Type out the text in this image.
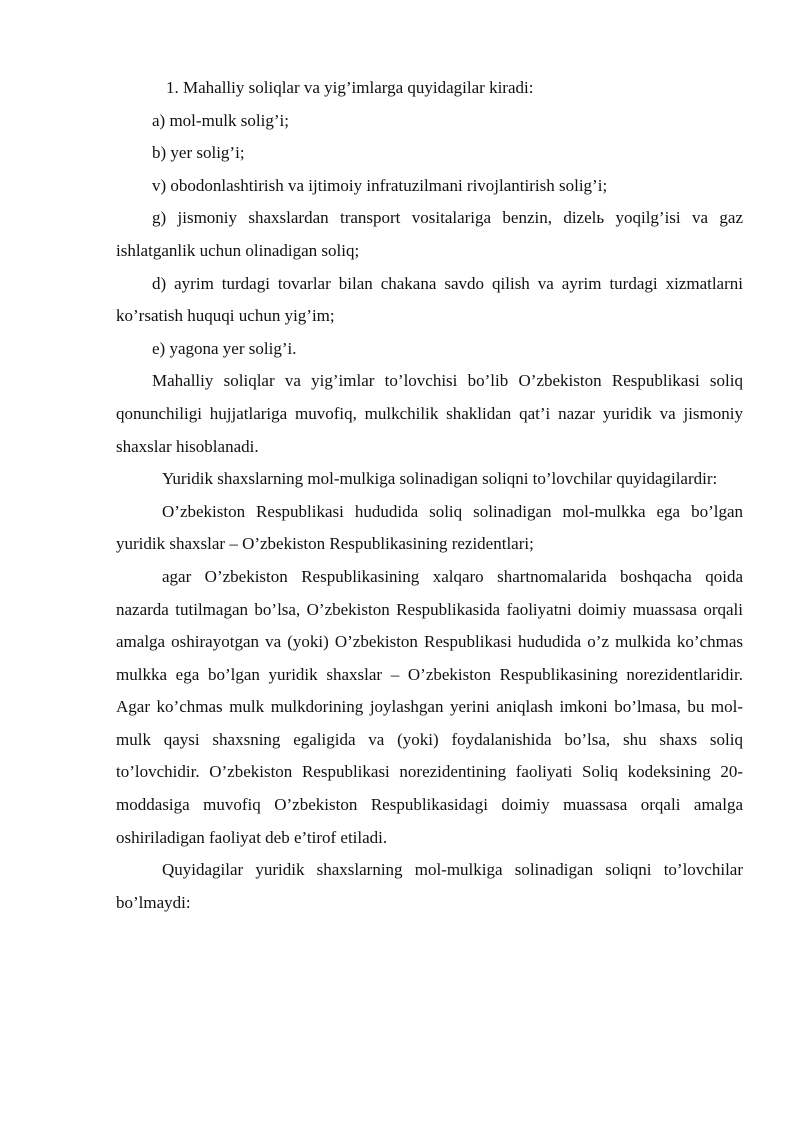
1. Mahalliy soliqlar va yig’imlarga quyidagilar kiradi:

a) mol-mulk solig’i;

b) yer solig’i;

v) obodonlashtirish va ijtimoiy infratuzilmani rivojlantirish solig’i;

g) jismoniy shaxslardan transport vositalariga benzin, dizelь yoqilg’isi va gaz ishlatganlik uchun olinadigan soliq;

d) ayrim turdagi tovarlar bilan chakana savdo qilish va ayrim turdagi xizmatlarni ko’rsatish huquqi uchun yig’im;

e) yagona yer solig’i.

Mahalliy soliqlar va yig’imlar to’lovchisi bo’lib O’zbekiston Respublikasi soliq qonunchiligi hujjatlariga muvofiq, mulkchilik shaklidan qat’i nazar yuridik va jismoniy shaxslar hisoblanadi.

Yuridik shaxslarning mol-mulkiga solinadigan soliqni to’lovchilar quyidagilardir:

O’zbekiston Respublikasi hududida soliq solinadigan mol-mulkka ega bo’lgan yuridik shaxslar – O’zbekiston Respublikasining rezidentlari;

agar O’zbekiston Respublikasining xalqaro shartnomalarida boshqacha qoida nazarda tutilmagan bo’lsa, O’zbekiston Respublikasida faoliyatni doimiy muassasa orqali amalga oshirayotgan va (yoki) O’zbekiston Respublikasi hududida o’z mulkida ko’chmas mulkka ega bo’lgan yuridik shaxslar – O’zbekiston Respublikasining norezidentlaridir. Agar ko’chmas mulk mulkdorining joylashgan yerini aniqlash imkoni bo’lmasa, bu mol-mulk qaysi shaxsning egaligida va (yoki) foydalanishida bo’lsa, shu shaxs soliq to’lovchidir. O’zbekiston Respublikasi norezidentining faoliyati Soliq kodeksining 20-moddasiga muvofiq O’zbekiston Respublikasidagi doimiy muassasa orqali amalga oshiriladigan faoliyat deb e’tirof etiladi.

Quyidagilar yuridik shaxslarning mol-mulkiga solinadigan soliqni to’lovchilar bo’lmaydi:
